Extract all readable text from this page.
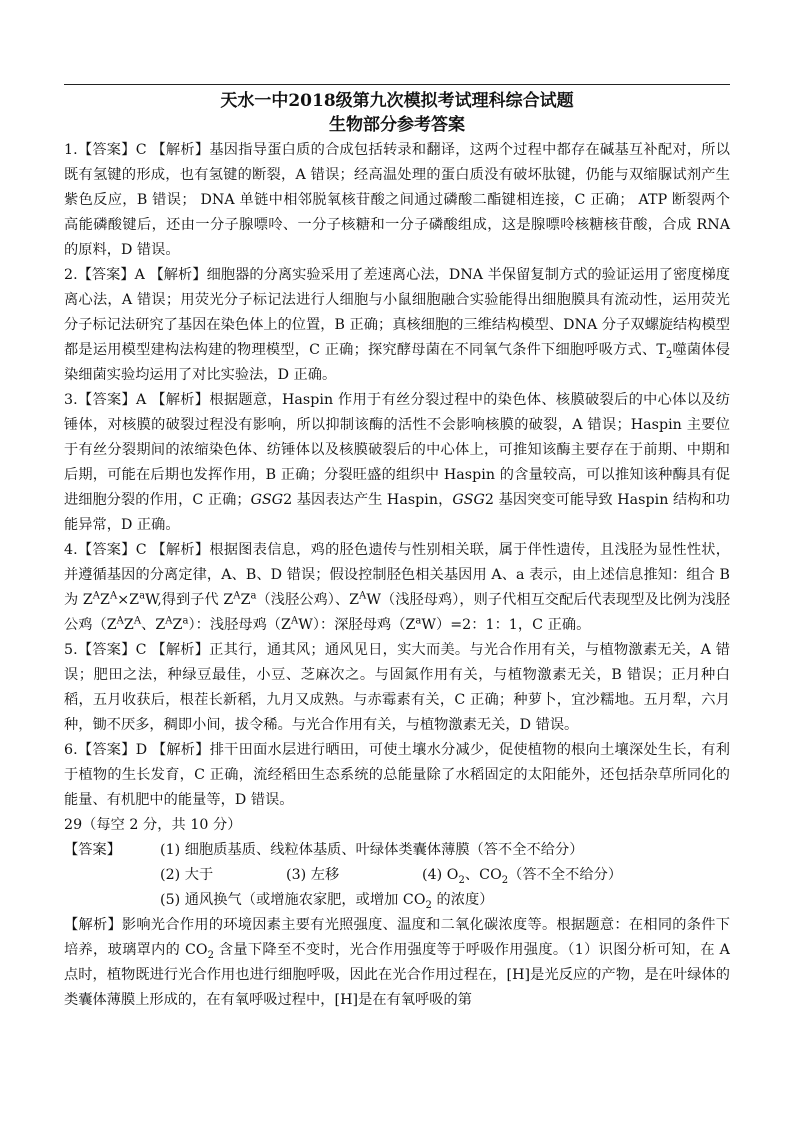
天水一中2018级第九次模拟考试理科综合试题
生物部分参考答案

1.【答案】C 【解析】基因指导蛋白质的合成包括转录和翻译，这两个过程中都存在碱基互补配对，所以既有氢键的形成，也有氢键的断裂，A 错误；经高温处理的蛋白质没有破坏肽键，仍能与双缩脲试剂产生紫色反应，B 错误； DNA 单链中相邻脱氧核苷酸之间通过磷酸二酯键相连接，C 正确； ATP 断裂两个高能磷酸键后，还由一分子腺嘌呤、一分子核糖和一分子磷酸组成，这是腺嘌呤核糖核苷酸，合成 RNA 的原料，D 错误。

2.【答案】A 【解析】细胞器的分离实验采用了差速离心法，DNA 半保留复制方式的验证运用了密度梯度离心法，A 错误；用荧光分子标记法进行人细胞与小鼠细胞融合实验能得出细胞膜具有流动性，运用荧光分子标记法研究了基因在染色体上的位置，B 正确；真核细胞的三维结构模型、DNA 分子双螺旋结构模型都是运用模型建构法构建的物理模型，C 正确；探究酵母菌在不同氧气条件下细胞呼吸方式、$T_2$噬菌体侵染细菌实验均运用了对比实验法，D 正确。

3.【答案】A 【解析】根据题意，Haspin 作用于有丝分裂过程中的染色体、核膜破裂后的中心体以及纺锤体，对核膜的破裂过程没有影响，所以抑制该酶的活性不会影响核膜的破裂，A 错误；Haspin 主要位于有丝分裂期间的浓缩染色体、纺锤体以及核膜破裂后的中心体上，可推知该酶主要存在于前期、中期和后期，可能在后期也发挥作用，B 正确；分裂旺盛的组织中 Haspin 的含量较高，可以推知该种酶具有促进细胞分裂的作用，C 正确；GSG2 基因表达产生 Haspin，GSG2 基因突变可能导致 Haspin 结构和功能异常，D 正确。

4.【答案】C 【解析】根据图表信息，鸡的胫色遗传与性别相关联，属于伴性遗传，且浅胫为显性性状，并遵循基因的分离定律，A、B、D 错误；假设控制胫色相关基因用 A、a 表示，由上述信息推知：组合 B 为 $Z^AZ^A\times Z^aW$,得到子代 $Z^AZ^a$（浅胫公鸡）、$Z^AW$（浅胫母鸡），则子代相互交配后代表现型及比例为浅胫公鸡（$Z^AZ^A$、$Z^AZ^a$）：浅胫母鸡$(Z^AW)$：深胫母鸡$(Z^aW)=2$：1：1，C 正确。

5.【答案】C 【解析】正其行，通其风；通风见日，实大而美。与光合作用有关，与植物激素无关，A 错误；肥田之法，种绿豆最佳，小豆、芝麻次之。与固氮作用有关，与植物激素无关，B 错误；正月种白稻，五月收获后，根茬长新稻，九月又成熟。与赤霉素有关，C 正确；种萝卜，宜沙糯地。五月犁，六月种，锄不厌多，稠即小间，拔令稀。与光合作用有关，与植物激素无关，D 错误。

6.【答案】D 【解析】排干田面水层进行晒田，可使土壤水分减少，促使植物的根向土壤深处生长，有利于植物的生长发育，C 正确，流经稻田生态系统的总能量除了水稻固定的太阳能外，还包括杂草所同化的能量、有机肥中的能量等，D 错误。

29（每空 2 分，共 10 分）

【答案】	(1) 细胞质基质、线粒体基质、叶绿体类囊体薄膜（答不全不给分）
(2) 大于	(3) 左移	(4) $O_2$、$CO_2$（答不全不给分）
(5) 通风换气（或增施农家肥，或增加 $CO_2$ 的浓度）

【解析】影响光合作用的环境因素主要有光照强度、温度和二氧化碳浓度等。根据题意：在相同的条件下培养，玻璃罩内的 $CO_2$ 含量下降至不变时，光合作用强度等于呼吸作用强度。（1）识图分析可知，在 A 点时，植物既进行光合作用也进行细胞呼吸，因此在光合作用过程在，[H]是光反应的产物，是在叶绿体的类囊体薄膜上形成的，在有氧呼吸过程中，[H]是在有氧呼吸的第
